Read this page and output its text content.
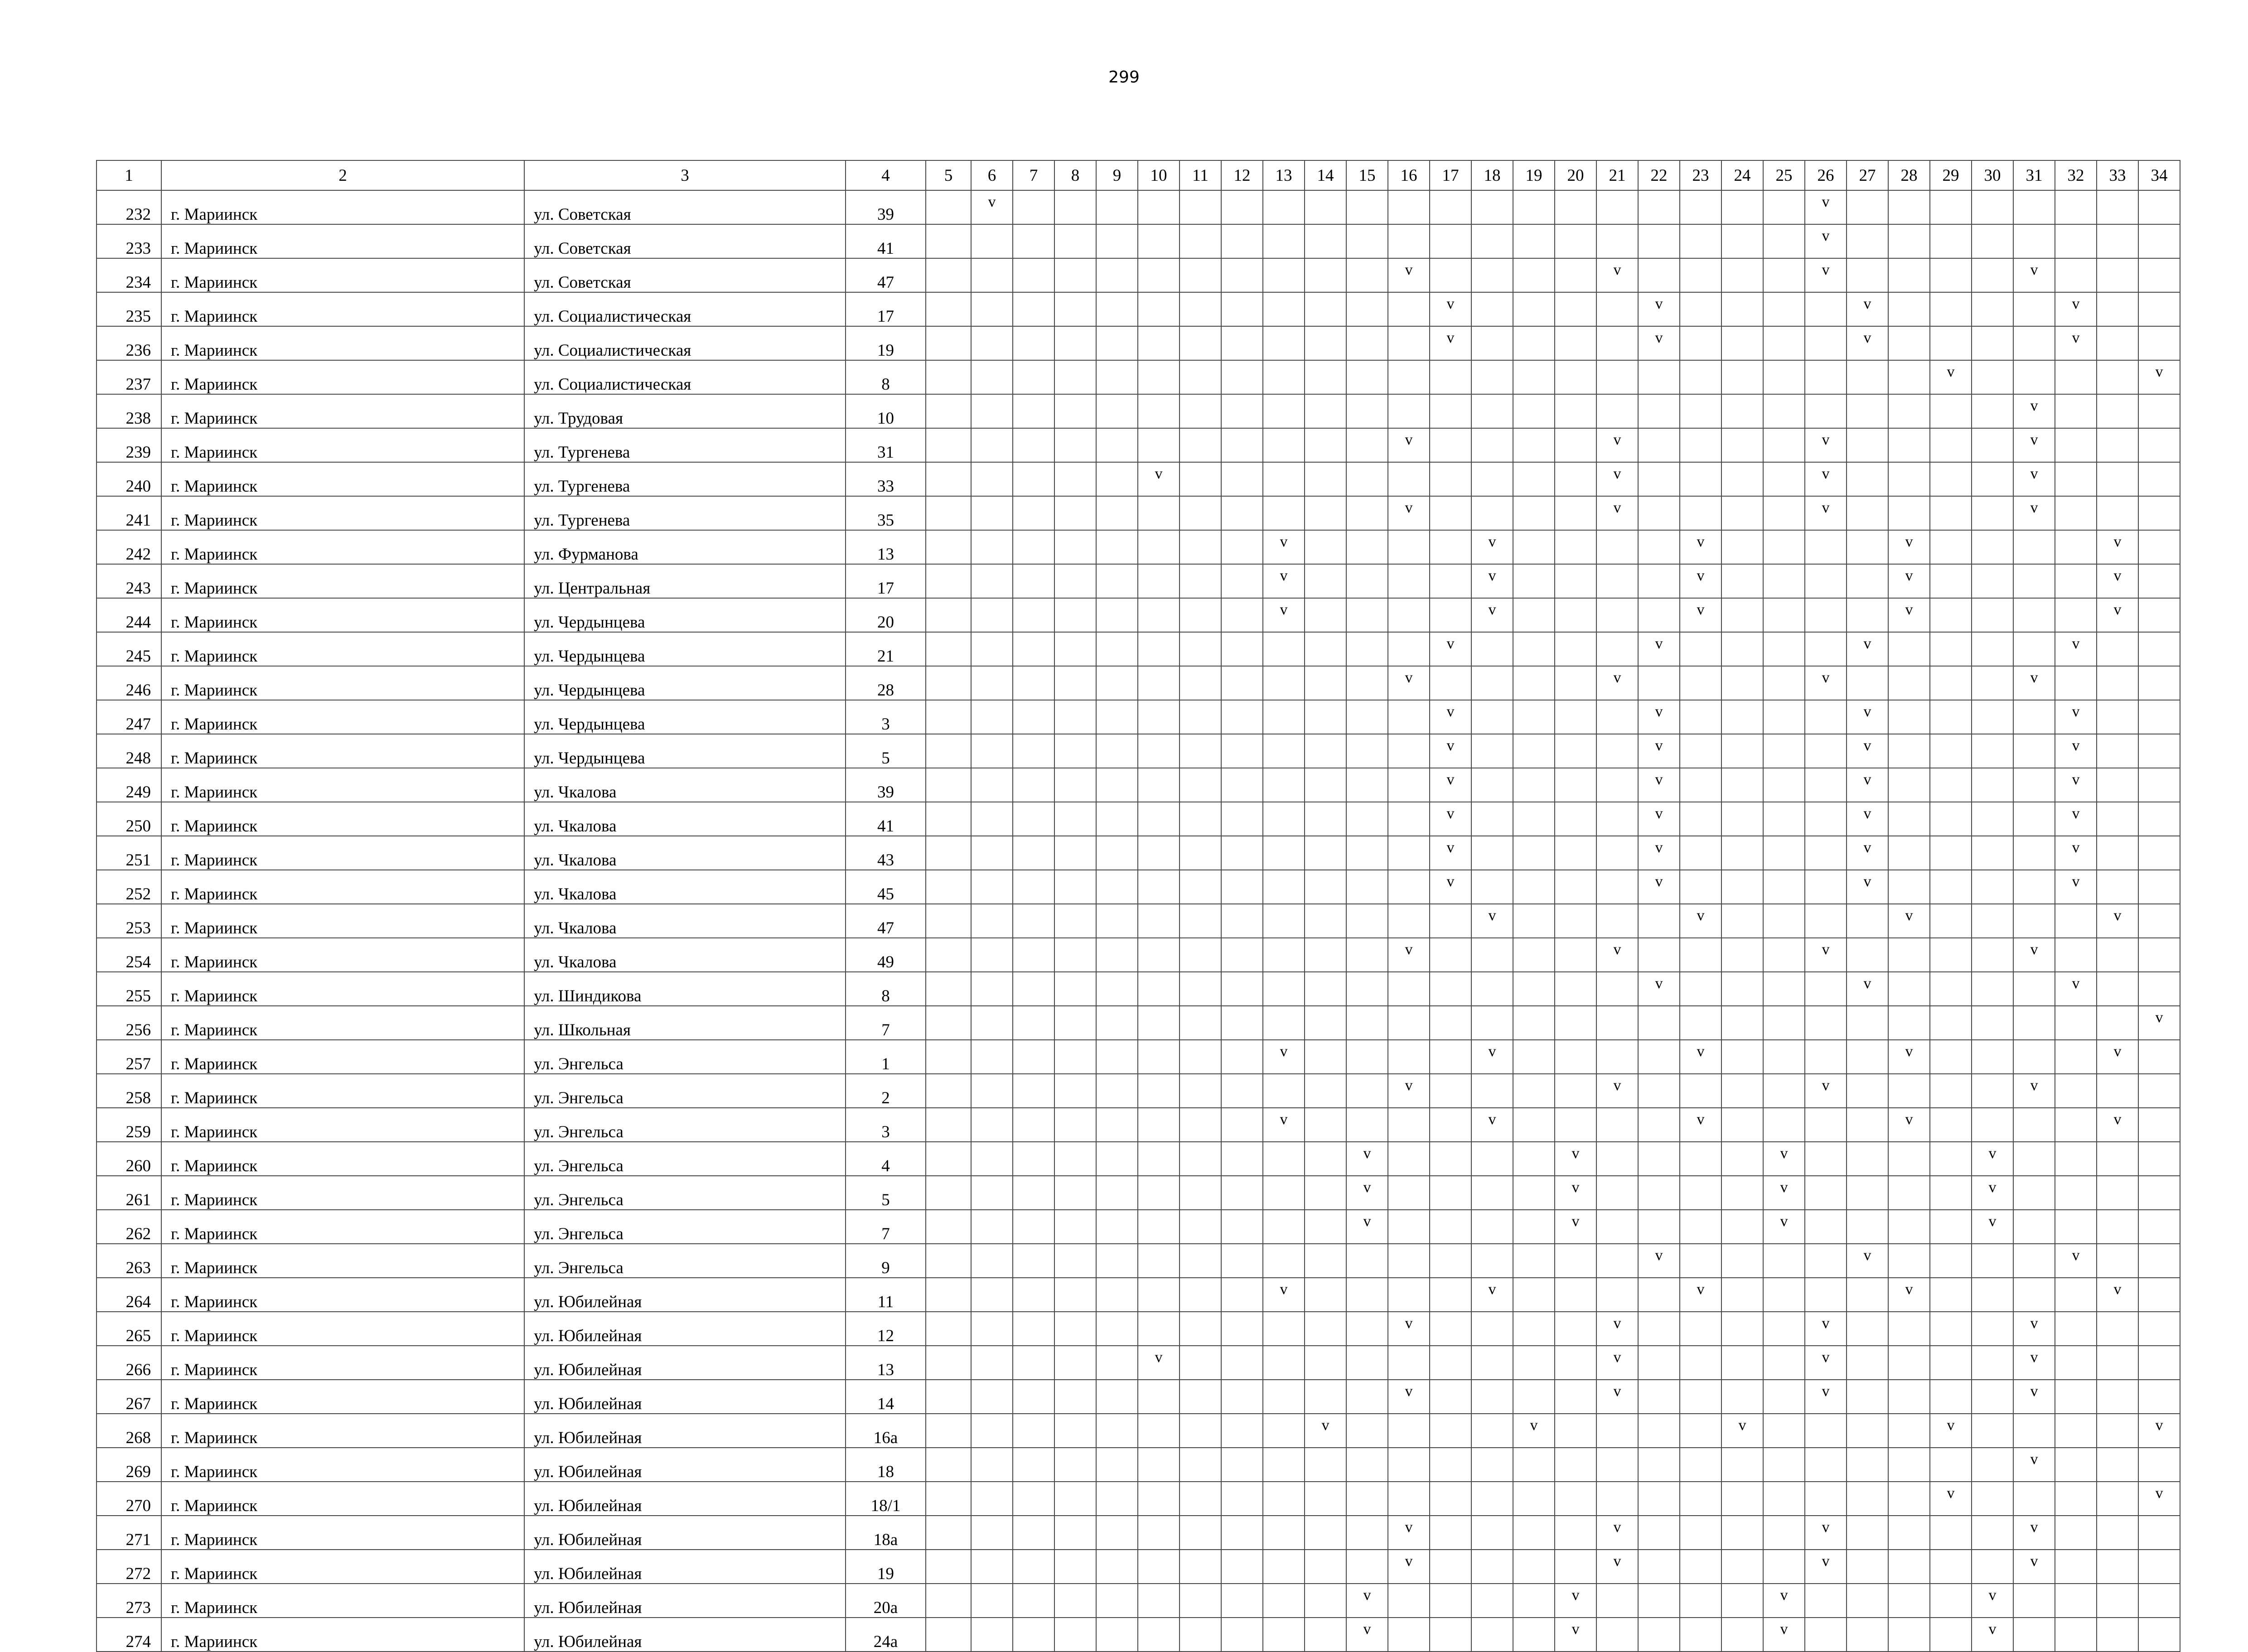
299
1	2	3	4	5	6	7	8	9	10	11	12	13	14	15	16	17	18	19	20	21	22	23	24	25	26	27	28	29	30	31	32	33	34
232	г. Мариинск	ул. Советская	39		v																				v								
233	г. Мариинск	ул. Советская	41																						v								
234	г. Мариинск	ул. Советская	47												v					v					v					v			
235	г. Мариинск	ул. Социалистическая	17													v					v					v					v		
236	г. Мариинск	ул. Социалистическая	19													v					v					v					v		
237	г. Мариинск	ул. Социалистическая	8																									v					v
238	г. Мариинск	ул. Трудовая	10																											v			
239	г. Мариинск	ул. Тургенева	31												v					v					v					v			
240	г. Мариинск	ул. Тургенева	33						v											v					v					v			
241	г. Мариинск	ул. Тургенева	35												v					v					v					v			
242	г. Мариинск	ул. Фурманова	13									v					v					v					v					v	
243	г. Мариинск	ул. Центральная	17									v					v					v					v					v	
244	г. Мариинск	ул. Чердынцева	20									v					v					v					v					v	
245	г. Мариинск	ул. Чердынцева	21													v					v					v					v		
246	г. Мариинск	ул. Чердынцева	28												v					v					v					v			
247	г. Мариинск	ул. Чердынцева	3													v					v					v					v		
248	г. Мариинск	ул. Чердынцева	5													v					v					v					v		
249	г. Мариинск	ул. Чкалова	39													v					v					v					v		
250	г. Мариинск	ул. Чкалова	41													v					v					v					v		
251	г. Мариинск	ул. Чкалова	43													v					v					v					v		
252	г. Мариинск	ул. Чкалова	45													v					v					v					v		
253	г. Мариинск	ул. Чкалова	47														v					v					v					v	
254	г. Мариинск	ул. Чкалова	49												v					v					v					v			
255	г. Мариинск	ул. Шиндикова	8																		v					v					v		
256	г. Мариинск	ул. Школьная	7																														v
257	г. Мариинск	ул. Энгельса	1									v					v					v					v					v	
258	г. Мариинск	ул. Энгельса	2												v					v					v					v			
259	г. Мариинск	ул. Энгельса	3									v					v					v					v					v	
260	г. Мариинск	ул. Энгельса	4											v					v					v					v				
261	г. Мариинск	ул. Энгельса	5											v					v					v					v				
262	г. Мариинск	ул. Энгельса	7											v					v					v					v				
263	г. Мариинск	ул. Энгельса	9																		v					v					v		
264	г. Мариинск	ул. Юбилейная	11									v					v					v					v					v	
265	г. Мариинск	ул. Юбилейная	12												v					v					v					v			
266	г. Мариинск	ул. Юбилейная	13						v											v					v					v			
267	г. Мариинск	ул. Юбилейная	14												v					v					v					v			
268	г. Мариинск	ул. Юбилейная	16а										v					v					v					v					v
269	г. Мариинск	ул. Юбилейная	18																											v			
270	г. Мариинск	ул. Юбилейная	18/1																									v					v
271	г. Мариинск	ул. Юбилейная	18а												v					v					v					v			
272	г. Мариинск	ул. Юбилейная	19												v					v					v					v			
273	г. Мариинск	ул. Юбилейная	20а											v					v					v					v				
274	г. Мариинск	ул. Юбилейная	24а											v					v					v					v				
